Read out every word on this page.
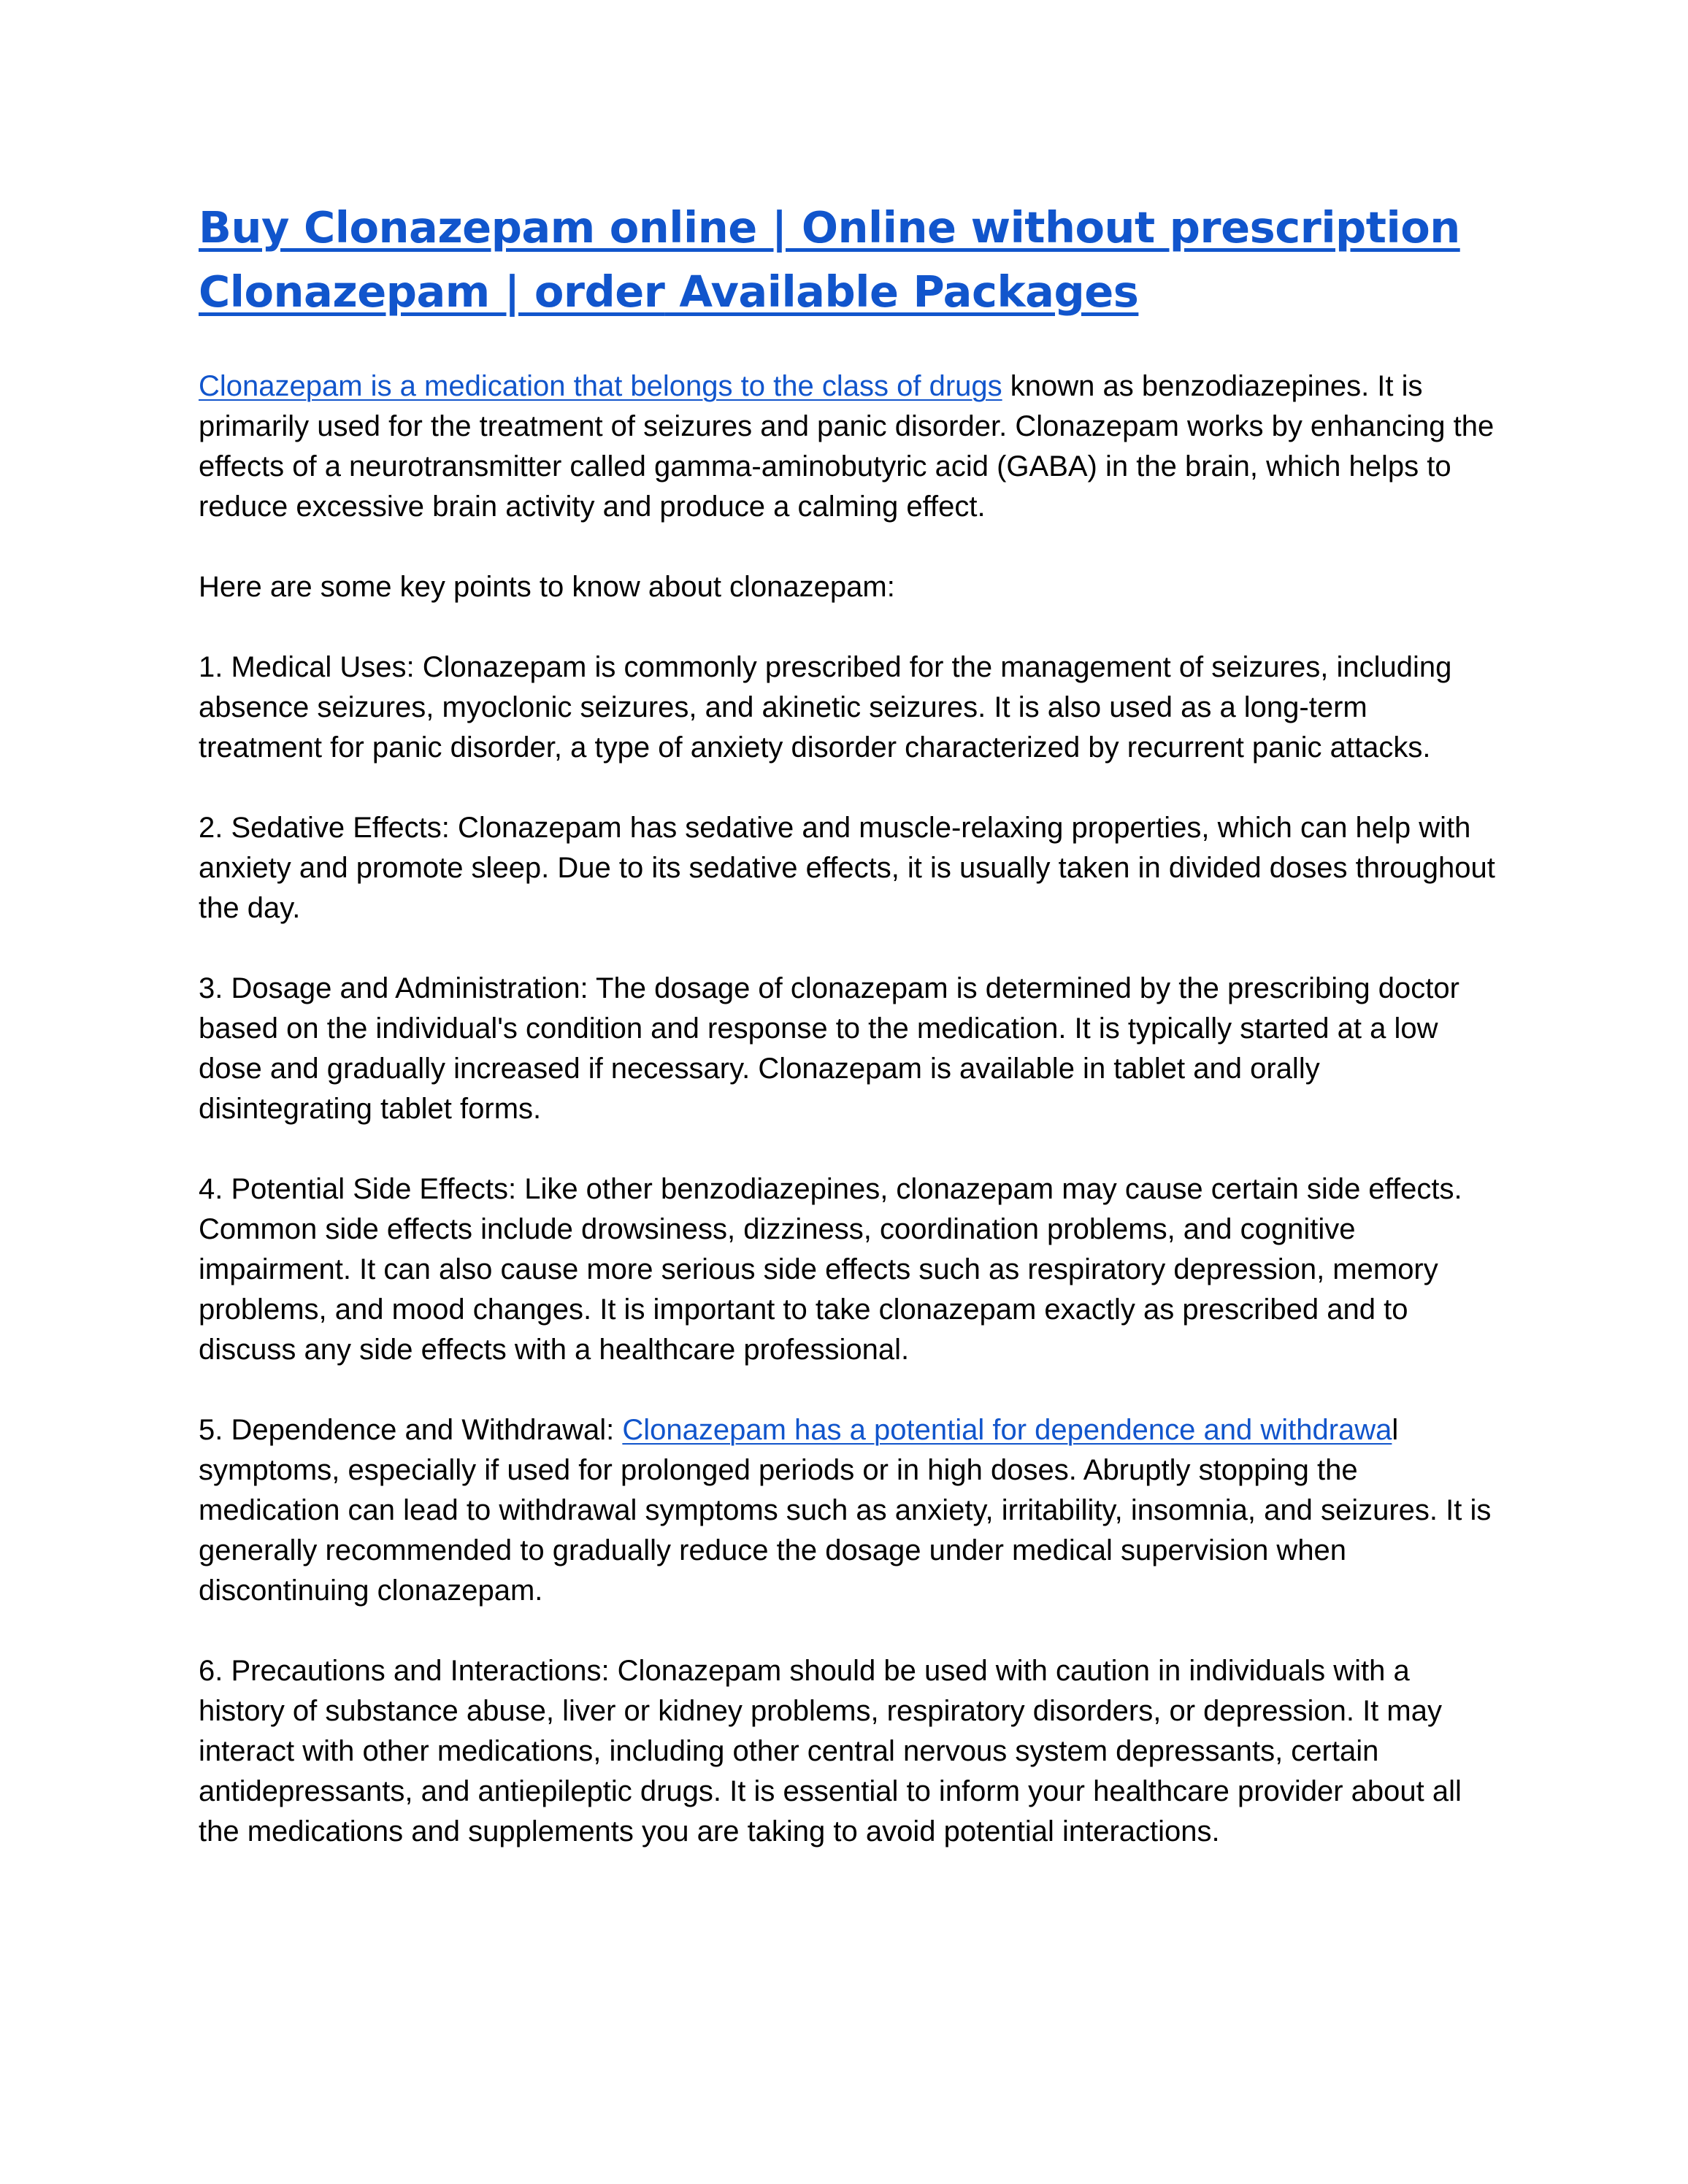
Buy Clonazepam online | Online without prescription Clonazepam | order Available Packages

Clonazepam is a medication that belongs to the class of drugs known as benzodiazepines. It is primarily used for the treatment of seizures and panic disorder. Clonazepam works by enhancing the effects of a neurotransmitter called gamma-aminobutyric acid (GABA) in the brain, which helps to reduce excessive brain activity and produce a calming effect.

Here are some key points to know about clonazepam:

1. Medical Uses: Clonazepam is commonly prescribed for the management of seizures, including absence seizures, myoclonic seizures, and akinetic seizures. It is also used as a long-term treatment for panic disorder, a type of anxiety disorder characterized by recurrent panic attacks.

2. Sedative Effects: Clonazepam has sedative and muscle-relaxing properties, which can help with anxiety and promote sleep. Due to its sedative effects, it is usually taken in divided doses throughout the day.

3. Dosage and Administration: The dosage of clonazepam is determined by the prescribing doctor based on the individual's condition and response to the medication. It is typically started at a low dose and gradually increased if necessary. Clonazepam is available in tablet and orally disintegrating tablet forms.

4. Potential Side Effects: Like other benzodiazepines, clonazepam may cause certain side effects. Common side effects include drowsiness, dizziness, coordination problems, and cognitive impairment. It can also cause more serious side effects such as respiratory depression, memory problems, and mood changes. It is important to take clonazepam exactly as prescribed and to discuss any side effects with a healthcare professional.

5. Dependence and Withdrawal: Clonazepam has a potential for dependence and withdrawal symptoms, especially if used for prolonged periods or in high doses. Abruptly stopping the medication can lead to withdrawal symptoms such as anxiety, irritability, insomnia, and seizures. It is generally recommended to gradually reduce the dosage under medical supervision when discontinuing clonazepam.

6. Precautions and Interactions: Clonazepam should be used with caution in individuals with a history of substance abuse, liver or kidney problems, respiratory disorders, or depression. It may interact with other medications, including other central nervous system depressants, certain antidepressants, and antiepileptic drugs. It is essential to inform your healthcare provider about all the medications and supplements you are taking to avoid potential interactions.
